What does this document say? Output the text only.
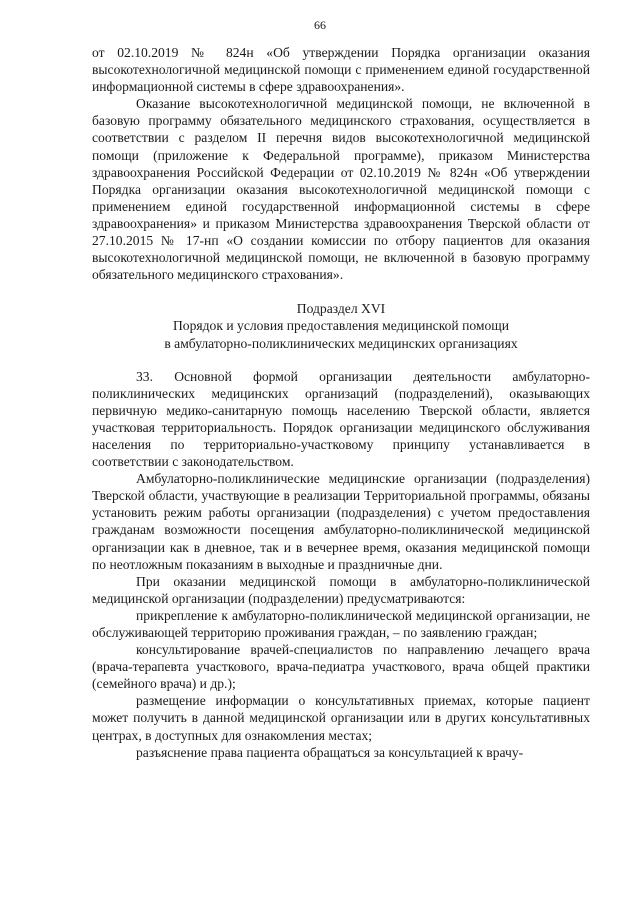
66

от 02.10.2019 № 824н «Об утверждении Порядка организации оказания высокотехнологичной медицинской помощи с применением единой государственной информационной системы в сфере здравоохранения».

Оказание высокотехнологичной медицинской помощи, не включенной в базовую программу обязательного медицинского страхования, осуществляется в соответствии с разделом II перечня видов высокотехнологичной медицинской помощи (приложение к Федеральной программе), приказом Министерства здравоохранения Российской Федерации от 02.10.2019 № 824н «Об утверждении Порядка организации оказания высокотехнологичной медицинской помощи с применением единой государственной информационной системы в сфере здравоохранения» и приказом Министерства здравоохранения Тверской области от 27.10.2015 № 17-нп «О создании комиссии по отбору пациентов для оказания высокотехнологичной медицинской помощи, не включенной в базовую программу обязательного медицинского страхования».

Подраздел XVI

Порядок и условия предоставления медицинской помощи

в амбулаторно-поликлинических медицинских организациях

33. Основной формой организации деятельности амбулаторно-поликлинических медицинских организаций (подразделений), оказывающих первичную медико-санитарную помощь населению Тверской области, является участковая территориальность. Порядок организации медицинского обслуживания населения по территориально-участковому принципу устанавливается в соответствии с законодательством.

Амбулаторно-поликлинические медицинские организации (подразделения) Тверской области, участвующие в реализации Территориальной программы, обязаны установить режим работы организации (подразделения) с учетом предоставления гражданам возможности посещения амбулаторно-поликлинической медицинской организации как в дневное, так и в вечернее время, оказания медицинской помощи по неотложным показаниям в выходные и праздничные дни.

При оказании медицинской помощи в амбулаторно-поликлинической медицинской организации (подразделении) предусматриваются:

прикрепление к амбулаторно-поликлинической медицинской организации, не обслуживающей территорию проживания граждан, – по заявлению граждан;

консультирование врачей-специалистов по направлению лечащего врача (врача-терапевта участкового, врача-педиатра участкового, врача общей практики (семейного врача) и др.);

размещение информации о консультативных приемах, которые пациент может получить в данной медицинской организации или в других консультативных центрах, в доступных для ознакомления местах;

разъяснение права пациента обращаться за консультацией к врачу-
